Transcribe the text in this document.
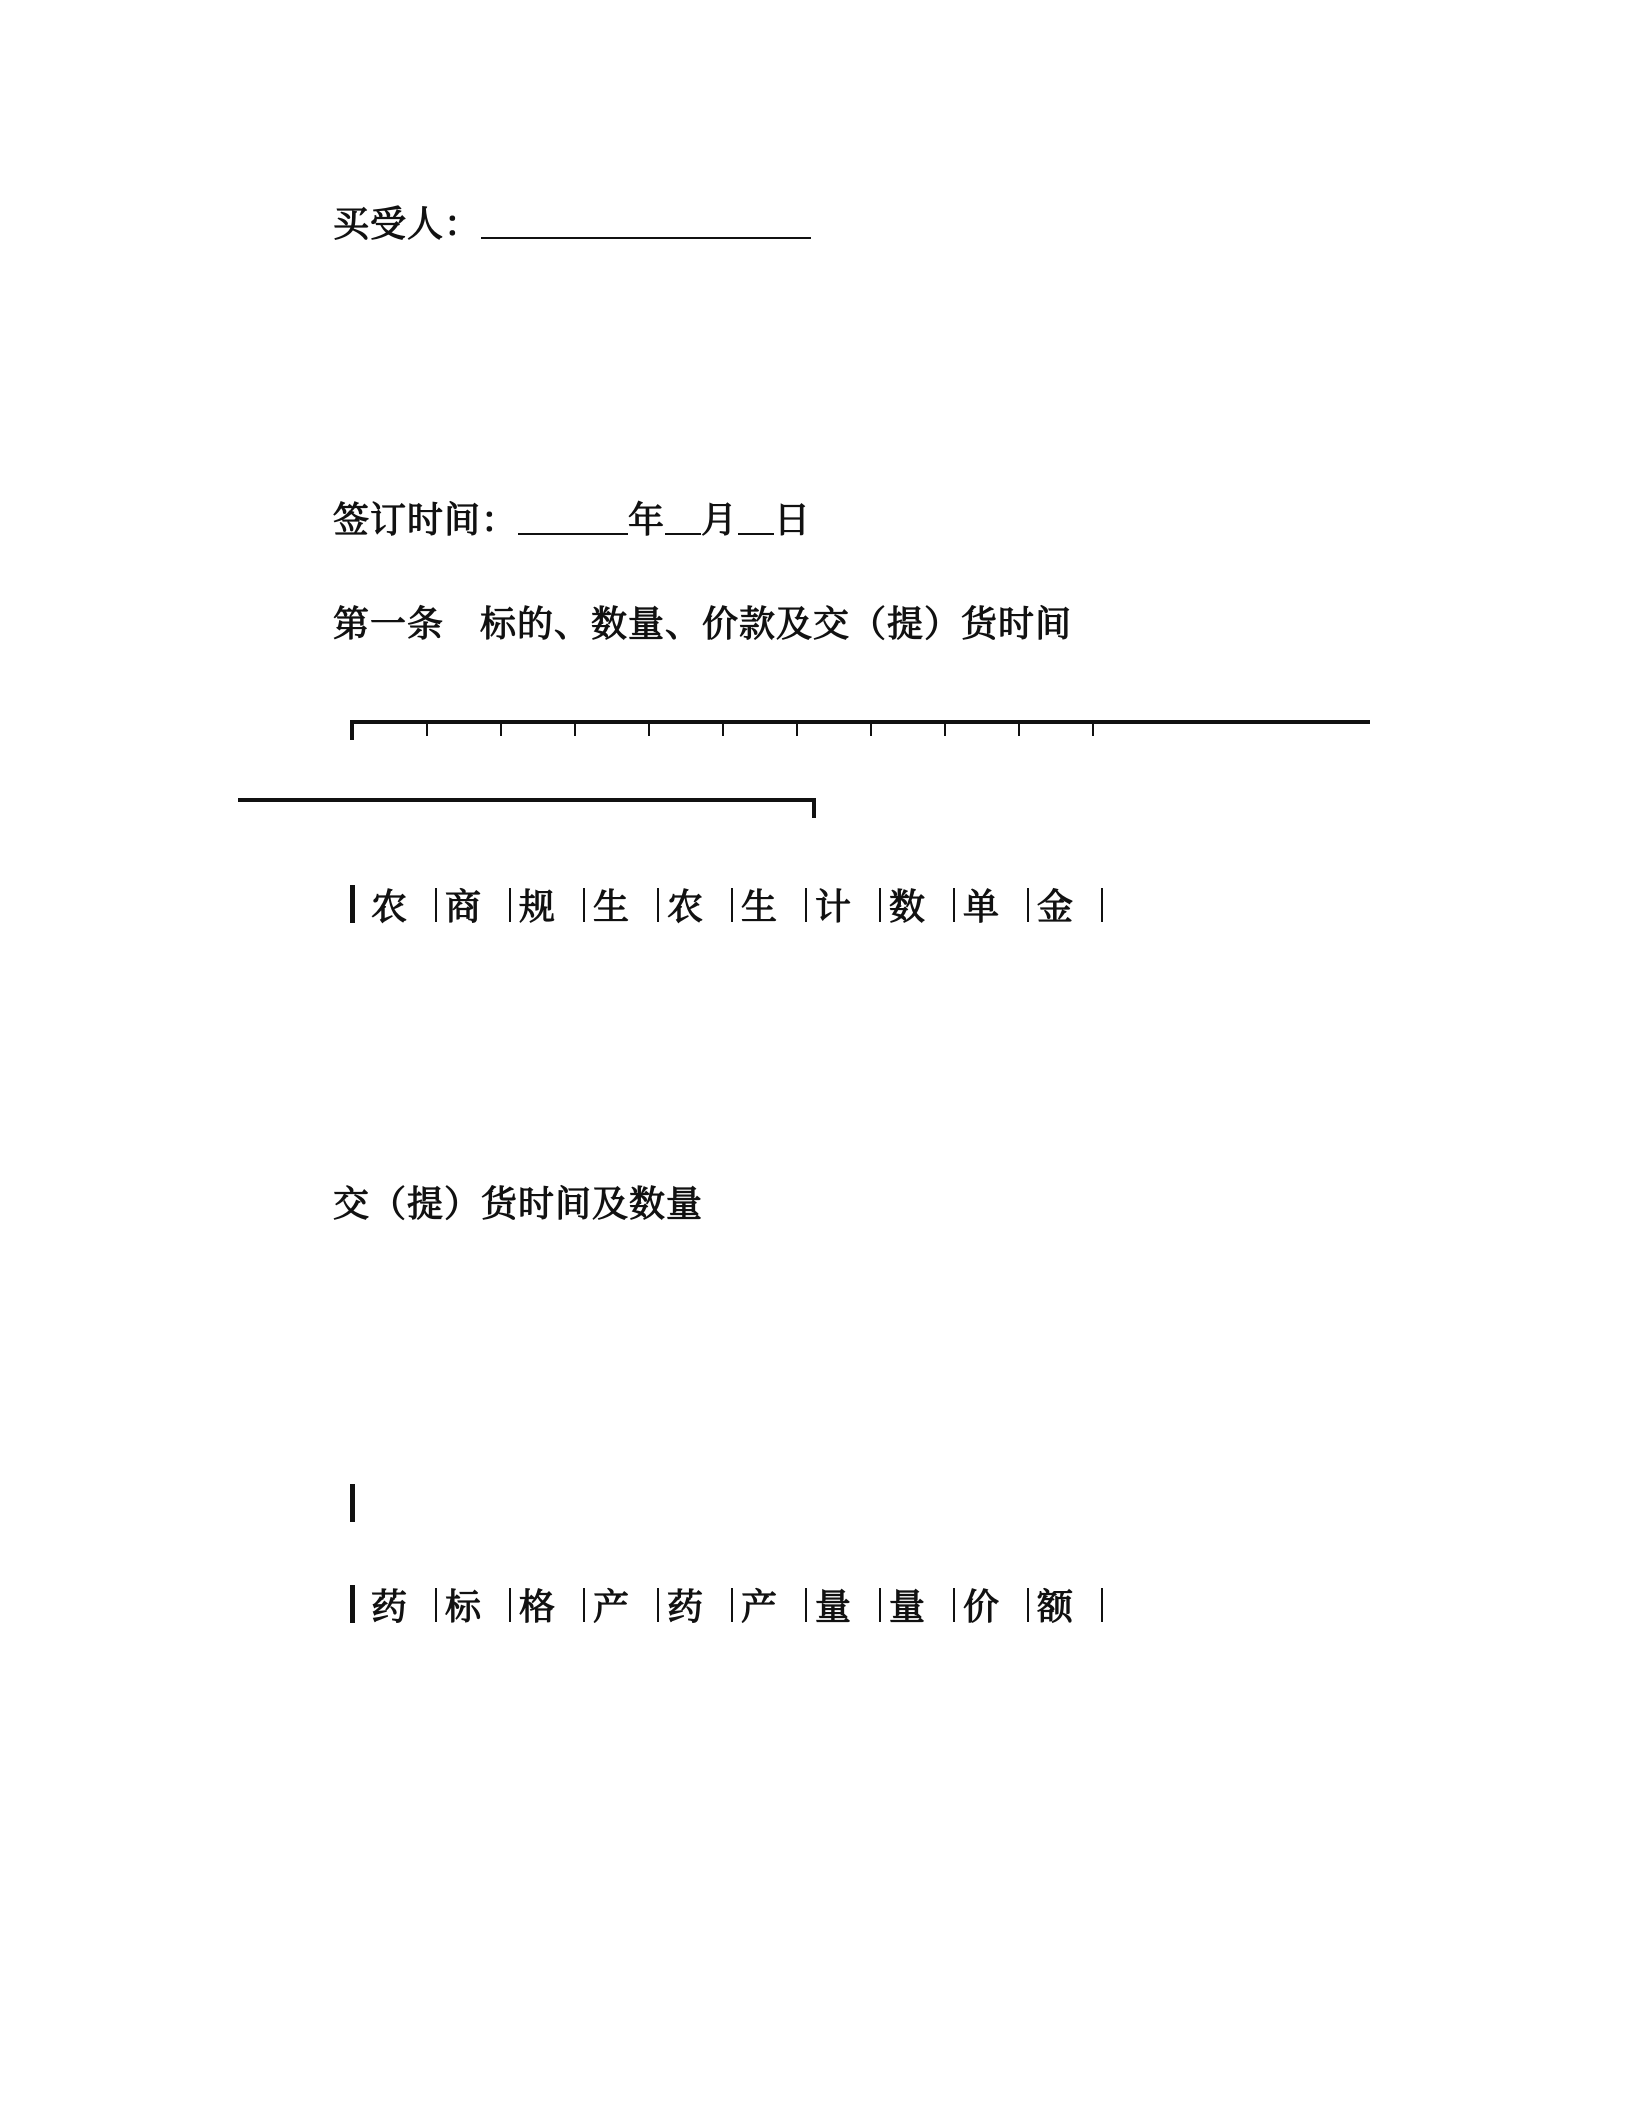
买受人：
签订时间：	年 月 日
第一条 标的、数量、价款及交（提）货时间
农 商 规 生 农 生 计 数 单 金
交（提）货时间及数量
药 标 格 产 药 产 量 量 价 额
